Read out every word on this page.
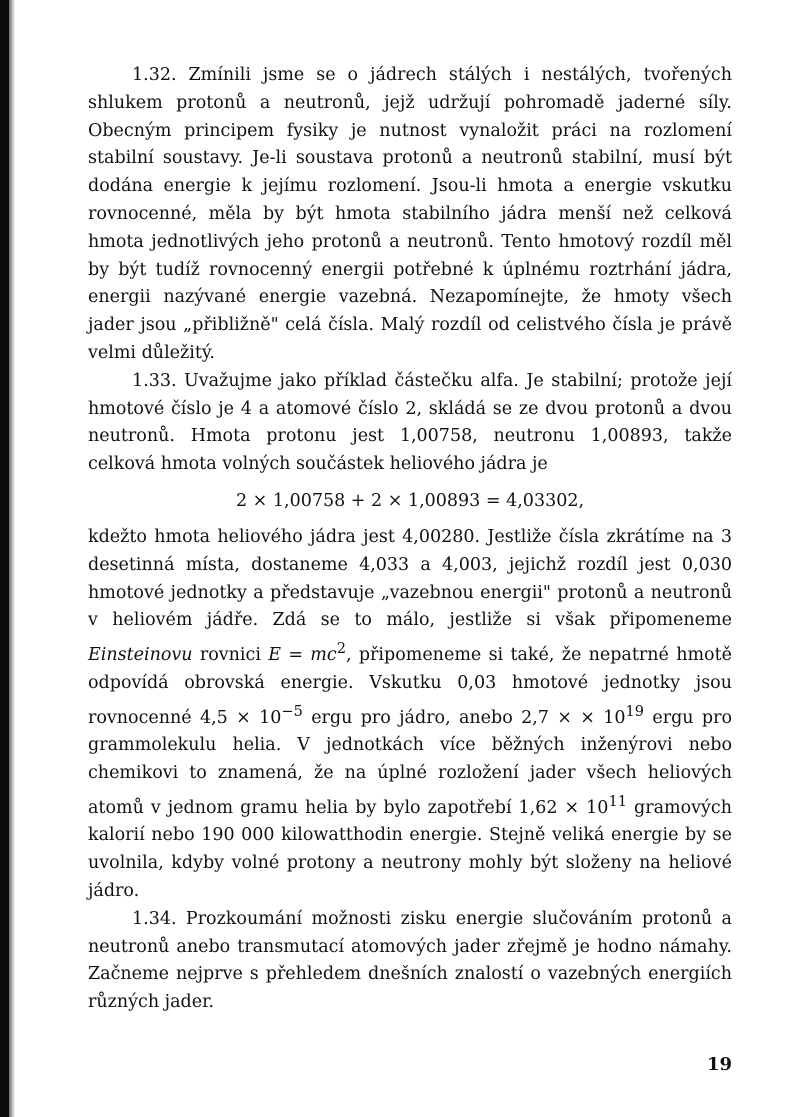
1.32. Zmínili jsme se o jádrech stálých i nestálých, tvořených shlukem protonů a neutronů, jejž udržují pohromadě jaderné síly. Obecným principem fysiky je nutnost vynaložit práci na rozlomení stabilní soustavy. Je-li soustava protonů a neutronů stabilní, musí být dodána energie k jejímu rozlomení. Jsou-li hmota a energie vskutku rovnocenné, měla by být hmota stabilního jádra menší než celková hmota jednotlivých jeho protonů a neutronů. Tento hmotový rozdíl měl by být tudíž rovnocenný energii potřebné k úplnému roztrhání jádra, energii nazývané energie vazebná. Nezapomínejte, že hmoty všech jader jsou „přibližně" celá čísla. Malý rozdíl od celistvého čísla je právě velmi důležitý.

1.33. Uvažujme jako příklad částečku alfa. Je stabilní; protože její hmotové číslo je 4 a atomové číslo 2, skládá se ze dvou protonů a dvou neutronů. Hmota protonu jest 1,00758, neutronu 1,00893, takže celková hmota volných součástek heliového jádra je

2 × 1,00758 + 2 × 1,00893 = 4,03302,

kdežto hmota heliového jádra jest 4,00280. Jestliže čísla zkrátíme na 3 desetinná místa, dostaneme 4,033 a 4,003, jejichž rozdíl jest 0,030 hmotové jednotky a představuje „vazebnou energii" protonů a neutronů v heliovém jádře. Zdá se to málo, jestliže si však připomeneme Einsteinovu rovnici $E = mc^2$, připomeneme si také, že nepatrné hmotě odpovídá obrovská energie. Vskutku 0,03 hmotové jednotky jsou rovnocenné $4,5 \times 10^{-5}$ ergu pro jádro, anebo 2,7 × × $10^{19}$ ergu pro grammolekulu helia. V jednotkách více běžných inženýrovi nebo chemikovi to znamená, že na úplné rozložení jader všech heliových atomů v jednom gramu helia by bylo zapotřebí $1,62 \times 10^{11}$ gramových kalorií nebo 190 000 kilowatthodin energie. Stejně veliká energie by se uvolnila, kdyby volné protony a neutrony mohly být složeny na heliové jádro.

1.34. Prozkoumání možnosti zisku energie slučováním protonů a neutronů anebo transmutací atomových jader zřejmě je hodno námahy. Začneme nejprve s přehledem dnešních znalostí o vazebných energiích různých jader.

19
